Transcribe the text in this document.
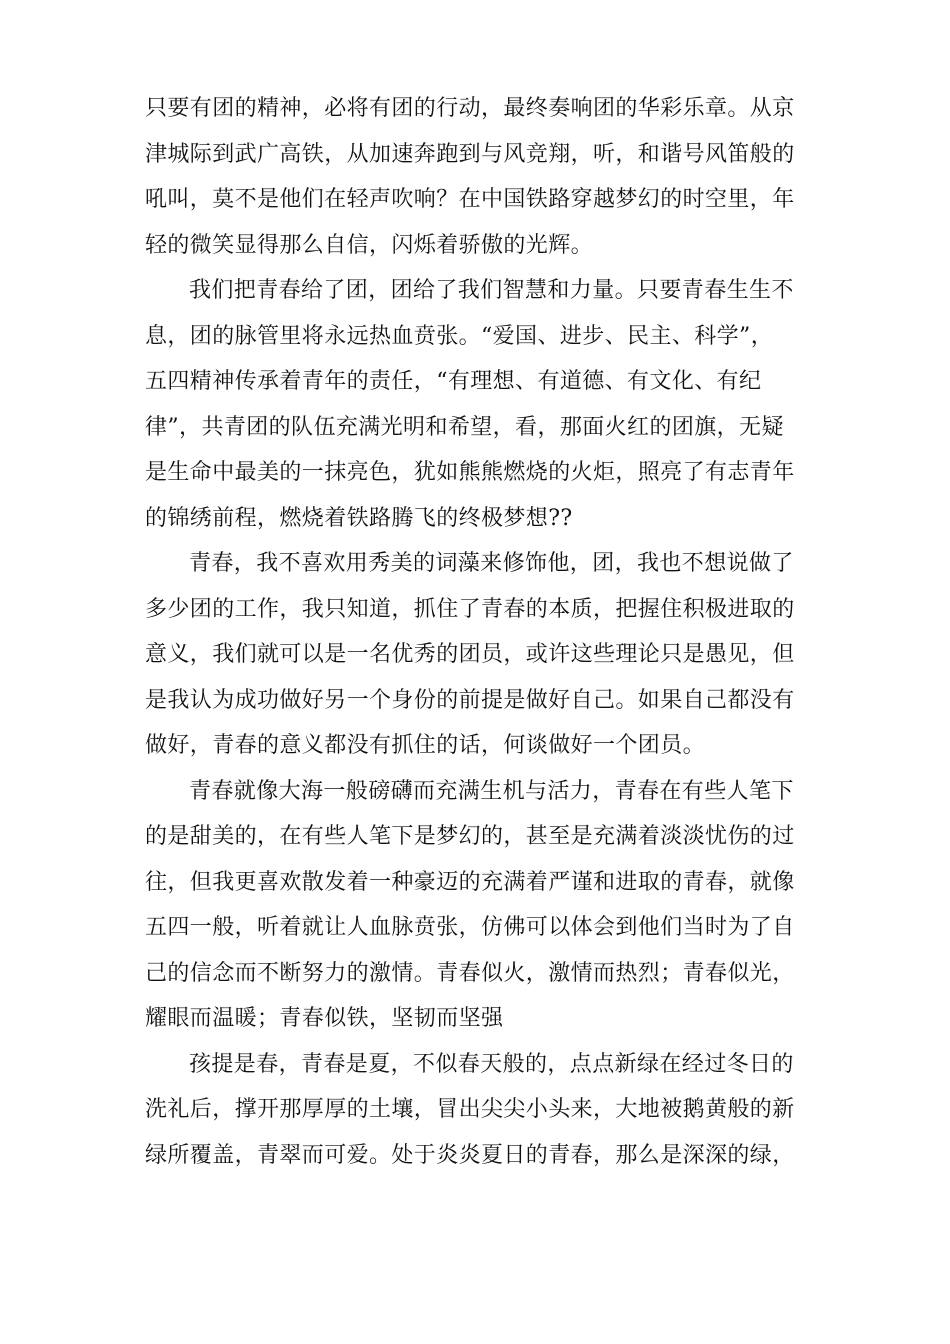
只要有团的精神，必将有团的行动，最终奏响团的华彩乐章。从京
津城际到武广高铁，从加速奔跑到与风竞翔，听，和谐号风笛般的
吼叫，莫不是他们在轻声吹响？在中国铁路穿越梦幻的时空里，年
轻的微笑显得那么自信，闪烁着骄傲的光辉。
我们把青春给了团，团给了我们智慧和力量。只要青春生生不
息，团的脉管里将永远热血贲张。“爱国、进步、民主、科学”，
五四精神传承着青年的责任，“有理想、有道德、有文化、有纪
律”，共青团的队伍充满光明和希望，看，那面火红的团旗，无疑
是生命中最美的一抹亮色，犹如熊熊燃烧的火炬，照亮了有志青年
的锦绣前程，燃烧着铁路腾飞的终极梦想??
青春，我不喜欢用秀美的词藻来修饰他，团，我也不想说做了
多少团的工作，我只知道，抓住了青春的本质，把握住积极进取的
意义，我们就可以是一名优秀的团员，或许这些理论只是愚见，但
是我认为成功做好另一个身份的前提是做好自己。如果自己都没有
做好，青春的意义都没有抓住的话，何谈做好一个团员。
青春就像大海一般磅礴而充满生机与活力，青春在有些人笔下
的是甜美的，在有些人笔下是梦幻的，甚至是充满着淡淡忧伤的过
往，但我更喜欢散发着一种豪迈的充满着严谨和进取的青春，就像
五四一般，听着就让人血脉贲张，仿佛可以体会到他们当时为了自
己的信念而不断努力的激情。青春似火，激情而热烈；青春似光，
耀眼而温暖；青春似铁，坚韧而坚强
孩提是春，青春是夏，不似春天般的，点点新绿在经过冬日的
洗礼后，撑开那厚厚的土壤，冒出尖尖小头来，大地被鹅黄般的新
绿所覆盖，青翠而可爱。处于炎炎夏日的青春，那么是深深的绿，
